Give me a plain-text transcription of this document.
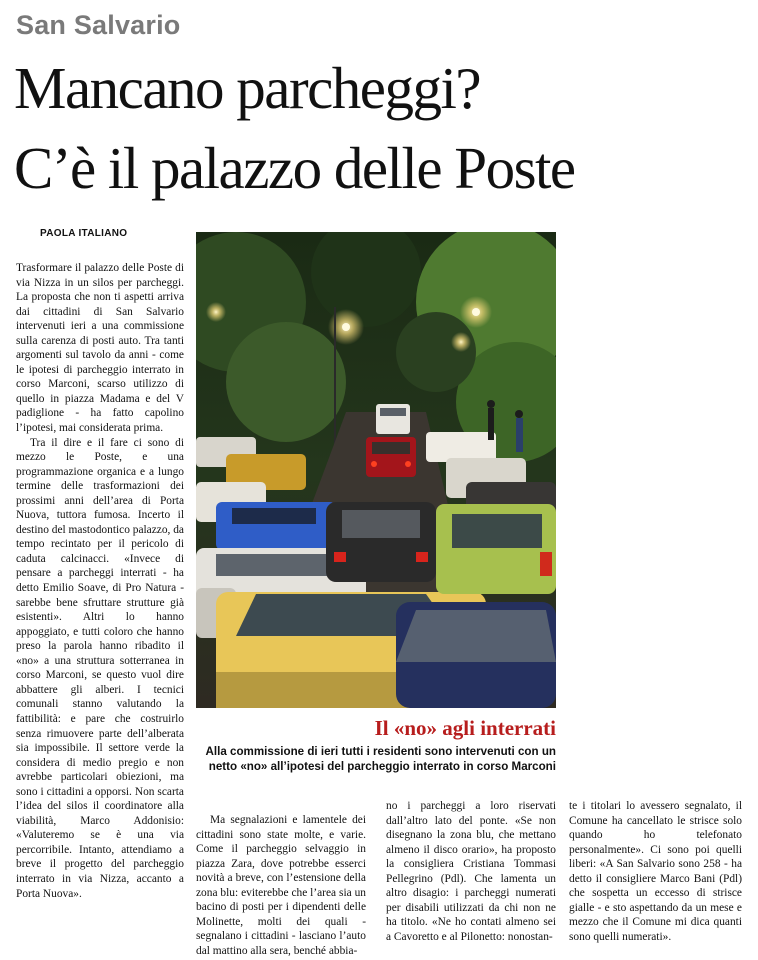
San Salvario
Mancano parcheggi?
C’è il palazzo delle Poste
PAOLA ITALIANO

Trasformare il palazzo delle Poste di via Nizza in un silos per parcheggi. La proposta che non ti aspetti arriva dai cittadini di San Salvario intervenuti ieri a una commissione sulla carenza di posti auto. Tra tanti argomenti sul tavolo da anni - come le ipotesi di parcheggio interrato in corso Marconi, scarso utilizzo di quello in piazza Madama e del V padiglione - ha fatto capolino l’ipotesi, mai considerata prima.

Tra il dire e il fare ci sono di mezzo le Poste, e una programmazione organica e a lungo termine delle trasformazioni dei prossimi anni dell’area di Porta Nuova, tuttora fumosa. Incerto il destino del mastodontico palazzo, da tempo recintato per il pericolo di caduta calcinacci. «Invece di pensare a parcheggi interrati - ha detto Emilio Soave, di Pro Natura - sarebbe bene sfruttare strutture già esistenti». Altri lo hanno appoggiato, e tutti coloro che hanno preso la parola hanno ribadito il «no» a una struttura sotterranea in corso Marconi, se questo vuol dire abbattere gli alberi. I tecnici comunali stanno valutando la fattibilità: e pare che costruirlo senza rimuovere parte dell’alberata sia impossibile. Il settore verde la considera di medio pregio e non avrebbe particolari obiezioni, ma sono i cittadini a opporsi. Non scarta l’idea del silos il coordinatore alla viabilità, Marco Addonisio: «Valuteremo se è una via percorribile. Intanto, attendiamo a breve il progetto del parcheggio interrato in via Nizza, accanto a Porta Nuova».

Il «no» agli interrati
Alla commissione di ieri tutti i residenti sono intervenuti con un
netto «no» all’ipotesi del parcheggio interrato in corso Marconi

Ma segnalazioni e lamentele dei cittadini sono state molte, e varie. Come il parcheggio selvaggio in piazza Zara, dove potrebbe esserci novità a breve, con l’estensione della zona blu: eviterebbe che l’area sia un bacino di posti per i dipendenti delle Molinette, molti dei quali - segnalano i cittadini - lasciano l’auto dal mattino alla sera, benché abbia-

no i parcheggi a loro riservati dall’altro lato del ponte. «Se non disegnano la zona blu, che mettano almeno il disco orario», ha proposto la consigliera Cristiana Tommasi Pellegrino (Pdl). Che lamenta un altro disagio: i parcheggi numerati per disabili utilizzati da chi non ne ha titolo. «Ne ho contati almeno sei a Cavoretto e al Pilonetto: nonostan-

te i titolari lo avessero segnalato, il Comune ha cancellato le strisce solo quando ho telefonato personalmente». Ci sono poi quelli liberi: «A San Salvario sono 258 - ha detto il consigliere Marco Bani (Pdl) che sospetta un eccesso di strisce gialle - e sto aspettando da un mese e mezzo che il Comune mi dica quanti sono quelli numerati».
